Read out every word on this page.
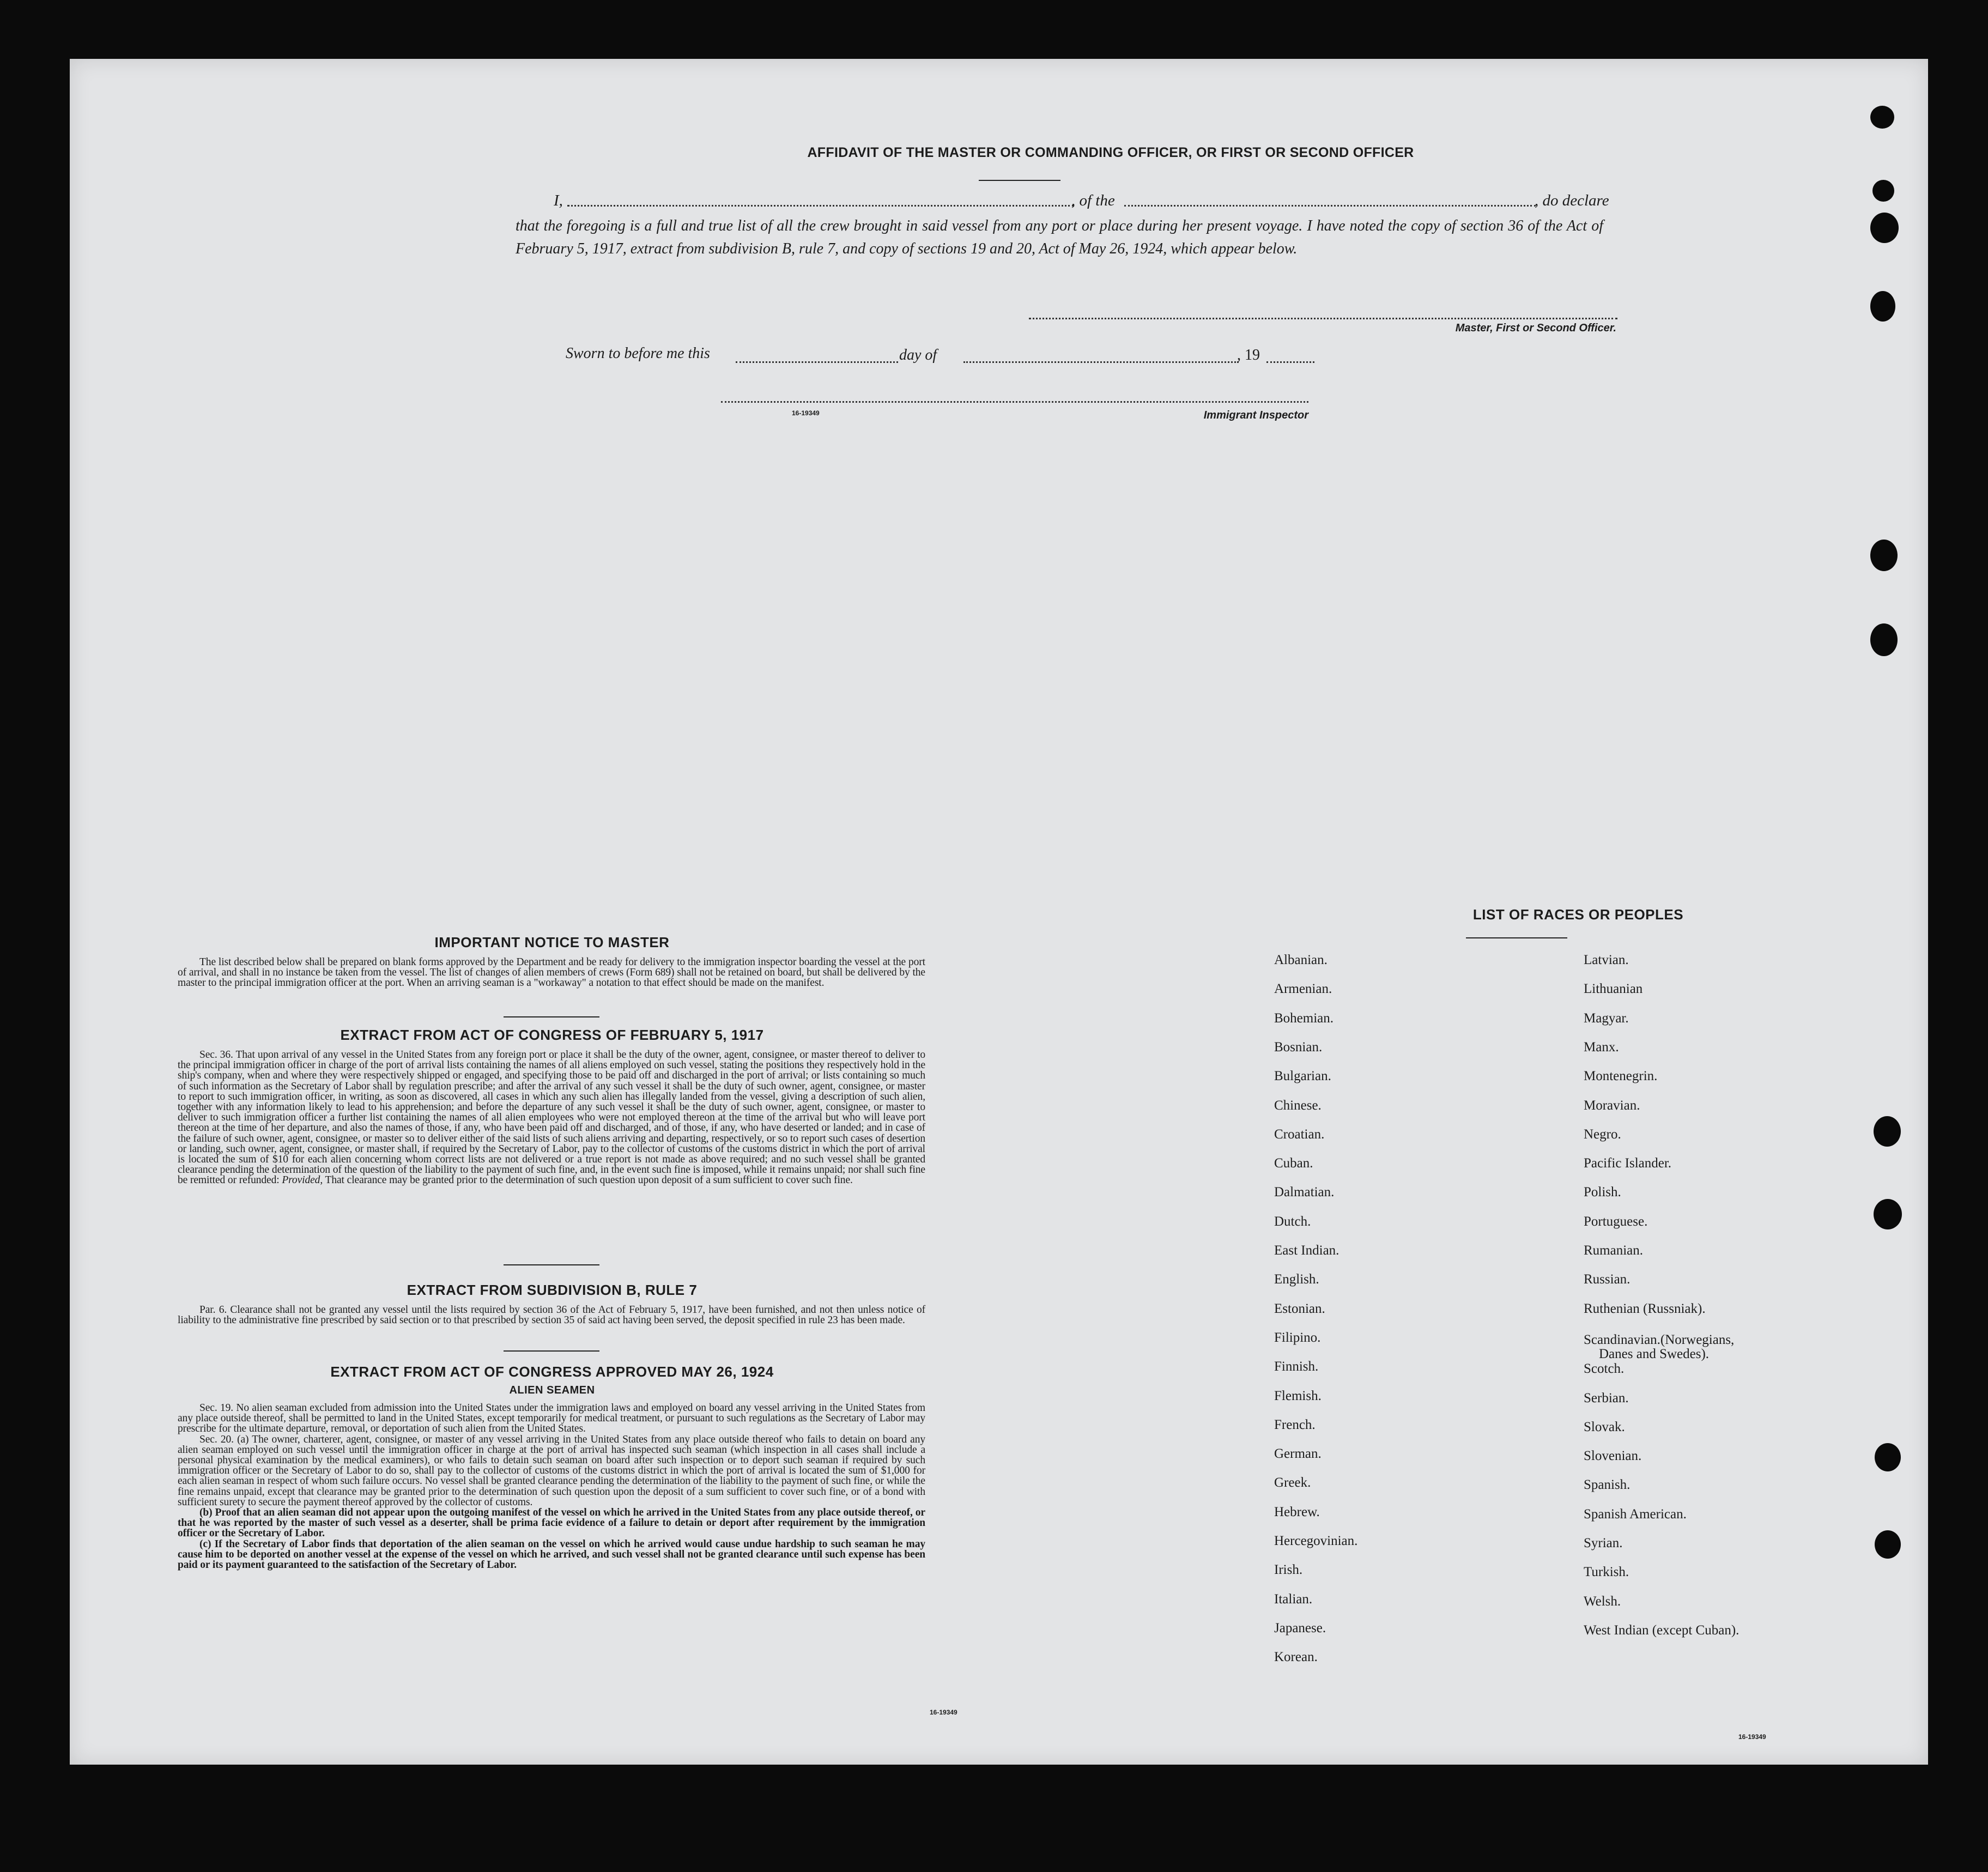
AFFIDAVIT OF THE MASTER OR COMMANDING OFFICER, OR FIRST OR SECOND OFFICER
I,	, of the	, do declare
that the foregoing is a full and true list of all the crew brought in said vessel from any port or place during her present voyage. I have noted the copy of section 36 of the Act of February 5, 1917, extract from subdivision B, rule 7, and copy of sections 19 and 20, Act of May 26, 1924, which appear below.
Master, First or Second Officer.
Sworn to before me this	day of	, 19
16-19349	Immigrant Inspector
IMPORTANT NOTICE TO MASTER

The list described below shall be prepared on blank forms approved by the Department and be ready for delivery to the immigration inspector boarding the vessel at the port of arrival, and shall in no instance be taken from the vessel. The list of changes of alien members of crews (Form 689) shall not be retained on board, but shall be delivered by the master to the principal immigration officer at the port. When an arriving seaman is a "workaway" a notation to that effect should be made on the manifest.

EXTRACT FROM ACT OF CONGRESS OF FEBRUARY 5, 1917

Sec. 36. That upon arrival of any vessel in the United States from any foreign port or place it shall be the duty of the owner, agent, consignee, or master thereof to deliver to the principal immigration officer in charge of the port of arrival lists containing the names of all aliens employed on such vessel, stating the positions they respectively hold in the ship's company, when and where they were respectively shipped or engaged, and specifying those to be paid off and discharged in the port of arrival; or lists containing so much of such information as the Secretary of Labor shall by regulation prescribe; and after the arrival of any such vessel it shall be the duty of such owner, agent, consignee, or master to report to such immigration officer, in writing, as soon as discovered, all cases in which any such alien has illegally landed from the vessel, giving a description of such alien, together with any information likely to lead to his apprehension; and before the departure of any such vessel it shall be the duty of such owner, agent, consignee, or master to deliver to such immigration officer a further list containing the names of all alien employees who were not employed thereon at the time of the arrival but who will leave port thereon at the time of her departure, and also the names of those, if any, who have been paid off and discharged, and of those, if any, who have deserted or landed; and in case of the failure of such owner, agent, consignee, or master so to deliver either of the said lists of such aliens arriving and departing, respectively, or so to report such cases of desertion or landing, such owner, agent, consignee, or master shall, if required by the Secretary of Labor, pay to the collector of customs of the customs district in which the port of arrival is located the sum of $10 for each alien concerning whom correct lists are not delivered or a true report is not made as above required; and no such vessel shall be granted clearance pending the determination of the question of the liability to the payment of such fine, and, in the event such fine is imposed, while it remains unpaid; nor shall such fine be remitted or refunded: Provided, That clearance may be granted prior to the determination of such question upon deposit of a sum sufficient to cover such fine.

EXTRACT FROM SUBDIVISION B, RULE 7

Par. 6. Clearance shall not be granted any vessel until the lists required by section 36 of the Act of February 5, 1917, have been furnished, and not then unless notice of liability to the administrative fine prescribed by said section or to that prescribed by section 35 of said act having been served, the deposit specified in rule 23 has been made.

EXTRACT FROM ACT OF CONGRESS APPROVED MAY 26, 1924
ALIEN SEAMEN

Sec. 19. No alien seaman excluded from admission into the United States under the immigration laws and employed on board any vessel arriving in the United States from any place outside thereof, shall be permitted to land in the United States, except temporarily for medical treatment, or pursuant to such regulations as the Secretary of Labor may prescribe for the ultimate departure, removal, or deportation of such alien from the United States.

Sec. 20. (a) The owner, charterer, agent, consignee, or master of any vessel arriving in the United States from any place outside thereof who fails to detain on board any alien seaman employed on such vessel until the immigration officer in charge at the port of arrival has inspected such seaman (which inspection in all cases shall include a personal physical examination by the medical examiners), or who fails to detain such seaman on board after such inspection or to deport such seaman if required by such immigration officer or the Secretary of Labor to do so, shall pay to the collector of customs of the customs district in which the port of arrival is located the sum of $1,000 for each alien seaman in respect of whom such failure occurs. No vessel shall be granted clearance pending the determination of the liability to the payment of such fine, or while the fine remains unpaid, except that clearance may be granted prior to the determination of such question upon the deposit of a sum sufficient to cover such fine, or of a bond with sufficient surety to secure the payment thereof approved by the collector of customs.

(b) Proof that an alien seaman did not appear upon the outgoing manifest of the vessel on which he arrived in the United States from any place outside thereof, or that he was reported by the master of such vessel as a deserter, shall be prima facie evidence of a failure to detain or deport after requirement by the immigration officer or the Secretary of Labor.

(c) If the Secretary of Labor finds that deportation of the alien seaman on the vessel on which he arrived would cause undue hardship to such seaman he may cause him to be deported on another vessel at the expense of the vessel on which he arrived, and such vessel shall not be granted clearance until such expense has been paid or its payment guaranteed to the satisfaction of the Secretary of Labor.

16-19349
LIST OF RACES OR PEOPLES
Albanian.
Armenian.
Bohemian.
Bosnian.
Bulgarian.
Chinese.
Croatian.
Cuban.
Dalmatian.
Dutch.
East Indian.
English.
Estonian.
Filipino.
Finnish.
Flemish.
French.
German.
Greek.
Hebrew.
Hercegovinian.
Irish.
Italian.
Japanese.
Korean.
Latvian.
Lithuanian
Magyar.
Manx.
Montenegrin.
Moravian.
Negro.
Pacific Islander.
Polish.
Portuguese.
Rumanian.
Russian.
Ruthenian (Russniak).
Scandinavian.(Norwegians,
Danes and Swedes).
Scotch.
Serbian.
Slovak.
Slovenian.
Spanish.
Spanish American.
Syrian.
Turkish.
Welsh.
West Indian (except Cuban).
16-19349
